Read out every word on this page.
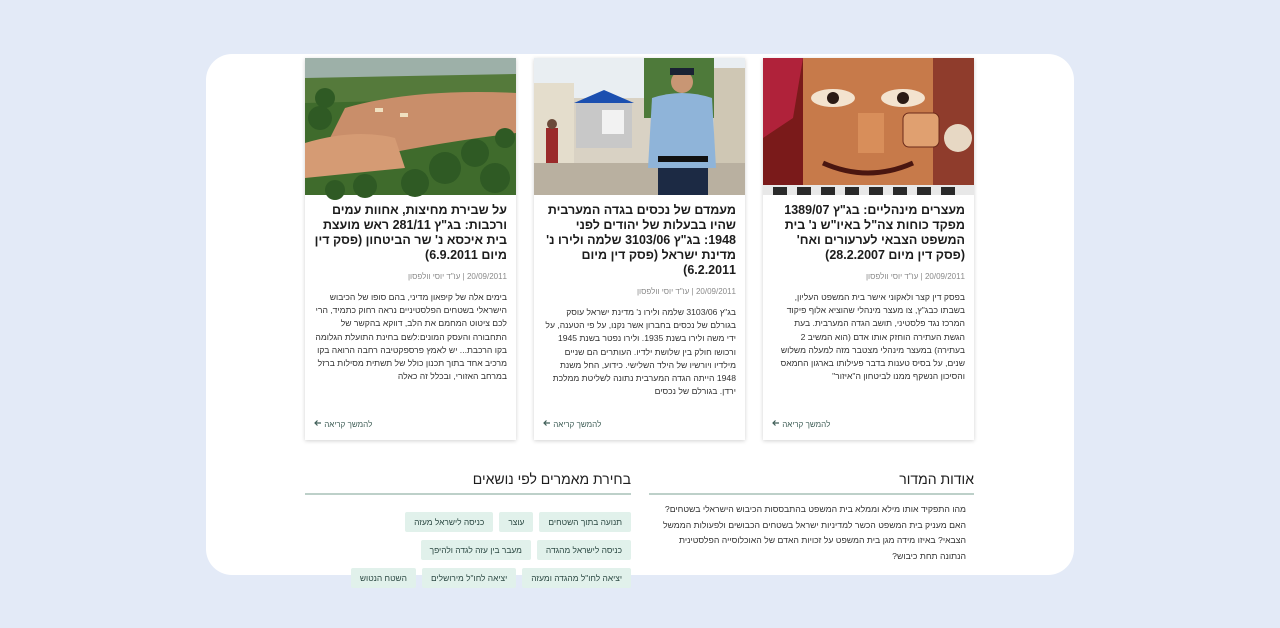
מעצרים מינהליים: בג"ץ 1389/07 מפקד כוחות צה"ל באיו"ש נ' בית המשפט הצבאי לערעורים ואח' (פסק דין מיום 28.2.2007)
20/09/2011 | עו"ד יוסי וולפסון
בפסק דין קצר ולאקוני אישר בית המשפט העליון, בשבתו כבג"ץ, צו מעצר מינהלי שהוציא אלוף פיקוד המרכז נגד פלסטיני, תושב הגדה המערבית. בעת הגשת העתירה הוחזק אותו אדם (הוא המשיב 2 בעתירה) במעצר מינהלי מצטבר מזה למעלה משלוש שנים, על בסיס טענות בדבר פעילותו בארגון החמאס והסיכון הנשקף ממנו לביטחון ה"איזור"
להמשך קריאה
מעמדם של נכסים בגדה המערבית שהיו בבעלות של יהודים לפני 1948: בג"ץ 3103/06 שלמה ולירו נ' מדינת ישראל (פסק דין מיום 6.2.2011)
20/09/2011 | עו"ד יוסי וולפסון
בג"ץ 3103/06 שלמה ולירו נ' מדינת ישראל עוסק בגורלם של נכסים בחברון אשר נקנו, על פי הטענה, על ידי משה ולירו בשנת 1935. ולירו נפטר בשנת 1945 ורכושו חולק בין שלושת ילדיו. העותרים הם שניים מילדיו ויורשיו של הילד השלישי. כידוע, החל משנת 1948 הייתה הגדה המערבית נתונה לשליטת ממלכת ירדן. בגורלם של נכסים
להמשך קריאה
על שבירת מחיצות, אחוות עמים ורכבות: בג"ץ 281/11 ראש מועצת בית איכסא נ' שר הביטחון (פסק דין מיום 6.9.2011)
20/09/2011 | עו"ד יוסי וולפסון
בימים אלה של קיפאון מדיני, בהם סופו של הכיבוש הישראלי בשטחים הפלסטיניים נראה רחוק כתמיד, הרי לכם ציטוט המחמם את הלב, דווקא בהקשר של התחבורה והעסק המונים:לשם בחינת התועלת הגלומה בקו הרכבת... יש לאמץ פרספקטיבה רחבה הרואה בקו מרכיב אחד בתוך תכנון כולל של תשתית מסילות ברזל במרחב האזורי, ובכלל זה כאלה
להמשך קריאה
אודות המדור
מהו התפקיד אותו מילא וממלא בית המשפט בהתבססות הכיבוש הישראלי בשטחים? האם מעניק בית המשפט הכשר למדיניות ישראל בשטחים הכבושים ולפעולות הממשל הצבאי? באיזו מידה מגן בית המשפט על זכויות האדם של האוכלוסייה הפלסטינית הנתונה תחת כיבוש?
בחירת מאמרים לפי נושאים
תנועה בתוך השטחיםעוצרכניסה לישראל מעזה
כניסה לישראל מהגדהמעבר בין עזה לגדה ולהיפך
יציאה לחו"ל מהגדה ומעזהיציאה לחו"ל מירושליםהשטח הנטוש
